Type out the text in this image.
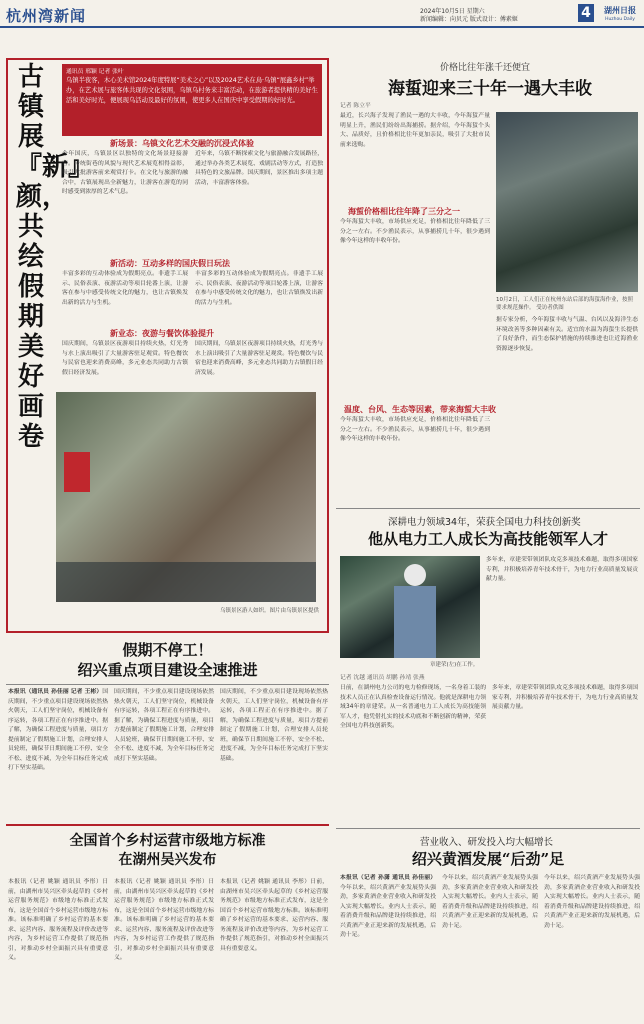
杭州湾新闻	2024年10月5日 星期六
新闻编辑：向贝元 版式设计：傅素姬	4	湖州日报
Huzhou Daily
古镇展『新』颜，共绘假期美好画卷
通讯员 邢颖 记者 张叶
乌镇半夜客，木心美术馆2024年度特展“美术之心”以及2024艺术在烏·乌镇“展鑫乡村”举办，在艺术展与旅客体共现的文化氛围，乌镇乌村务来丰富活动，在旅游者提供精的美好生活和美好时光，便展现乌活动及最好的氛围，使更多人在国庆中享受假期的好时光。
新场景：乌镇文化艺术交融的沉浸式体验
今年国庆，乌镇景区以独特的文化场景迎接游客。传统街巷的风貌与现代艺术展览相得益彰，吸引大批游客前来观赏打卡。在文化与旅游的融合中，古镇展现出全新魅力，让游客在游览的同时感受到浓厚的艺术气息。
近年来，乌镇不断探索文化与旅游融合发展路径，通过举办各类艺术展览、戏剧活动等方式，打造独具特色的文旅品牌。国庆期间，景区推出多项主题活动，丰富游客体验。
新活动：互动多样的国庆假日玩法
丰富多彩的互动体验成为假期亮点。非遗手工展示、民俗表演、夜游活动等项目轮番上演，让游客在参与中感受传统文化的魅力，也让古镇焕发出新的活力与生机。
丰富多彩的互动体验成为假期亮点。非遗手工展示、民俗表演、夜游活动等项目轮番上演，让游客在参与中感受传统文化的魅力，也让古镇焕发出新的活力与生机。
新业态：夜游与餐饮体验提升
国庆期间，乌镇景区夜游项目持续火热，灯光秀与水上演出吸引了大量游客驻足观赏。特色餐饮与民宿也迎来消费高峰，多元业态共同助力古镇假日经济发展。
国庆期间，乌镇景区夜游项目持续火热，灯光秀与水上演出吸引了大量游客驻足观赏。特色餐饮与民宿也迎来消费高峰，多元业态共同助力古镇假日经济发展。
乌镇景区游人如织。图片由乌镇景区提供
假期不停工！
绍兴重点项目建设全速推进
本报讯（通讯员 孙佳丽 记者 王彬）国庆期间，不少重点项目建设现场依然热火朝天，工人们坚守岗位，机械设备有序运转，各项工程正在有序推进中。据了解，为确保工程进度与质量，项目方提前制定了假期施工计划，合理安排人员轮班，确保节日期间施工不停、安全不松、进度不减，为全年目标任务完成打下坚实基础。
国庆期间，不少重点项目建设现场依然热火朝天，工人们坚守岗位，机械设备有序运转，各项工程正在有序推进中。据了解，为确保工程进度与质量，项目方提前制定了假期施工计划，合理安排人员轮班，确保节日期间施工不停、安全不松、进度不减，为全年目标任务完成打下坚实基础。
国庆期间，不少重点项目建设现场依然热火朝天，工人们坚守岗位，机械设备有序运转，各项工程正在有序推进中。据了解，为确保工程进度与质量，项目方提前制定了假期施工计划，合理安排人员轮班，确保节日期间施工不停、安全不松、进度不减，为全年目标任务完成打下坚实基础。
全国首个乡村运营市级地方标准
在湖州吴兴发布
本报讯（记者 姚颖 通讯员 李彤）日前，由湖州市吴兴区牵头起草的《乡村运营服务规范》市级地方标准正式发布，这是全国首个乡村运营市级地方标准。该标准明确了乡村运营的基本要求、运营内容、服务流程及评价改进等内容，为乡村运营工作提供了规范指引，对推动乡村全面振兴具有重要意义。
本报讯（记者 姚颖 通讯员 李彤）日前，由湖州市吴兴区牵头起草的《乡村运营服务规范》市级地方标准正式发布，这是全国首个乡村运营市级地方标准。该标准明确了乡村运营的基本要求、运营内容、服务流程及评价改进等内容，为乡村运营工作提供了规范指引，对推动乡村全面振兴具有重要意义。
本报讯（记者 姚颖 通讯员 李彤）日前，由湖州市吴兴区牵头起草的《乡村运营服务规范》市级地方标准正式发布，这是全国首个乡村运营市级地方标准。该标准明确了乡村运营的基本要求、运营内容、服务流程及评价改进等内容，为乡村运营工作提供了规范指引，对推动乡村全面振兴具有重要意义。
价格比往年涨千还便宜
海蜇迎来三十年一遇大丰收
记者 陈立平
最近，长兴海子发现了渔民一遇的大丰收，今年海蜇产量明显上升，渔民们纷纷出海捕捞。据介绍，今年海蜇个头大、品质好，且价格相比往年更加亲民，吸引了大批市民前来选购。
海蜇价格相比往年降了三分之一
今年海蜇大丰收，市场供应充足，价格相比往年降低了三分之一左右。不少渔民表示，从事捕捞几十年，很少遇到像今年这样的丰收年份。
10月2日，工人们正在杭州东站后部的海蜇海作业，按照要求规范操作。 受访者供图
据专家分析，今年海蜇丰收与气温、台风以及海洋生态环境改善等多种因素有关。适宜的水温为海蜇生长提供了良好条件，而生态保护措施的持续推进也让近海渔业资源逐步恢复。
温度、台风、生态等因素，带来海蜇大丰收
今年海蜇大丰收，市场供应充足，价格相比往年降低了三分之一左右。不少渔民表示，从事捕捞几十年，很少遇到像今年这样的丰收年份。
深耕电力领域34年，荣获全国电力科技创新奖
他从电力工人成长为高技能领军人才
章建荣(左)在工作。
多年来，章建荣带领团队攻克多项技术难题，取得多项国家专利，并积极培养青年技术骨干，为电力行业高质量发展贡献力量。
记者 沈越 通讯员 胡鹏 孙靖 张燕
日前，在湖州电力公司的电力检修现场，一名身着工装的技术人员正在认真检查设备运行情况。他就是深耕电力领域34年的章建荣。从一名普通电力工人成长为高技能领军人才，他凭借扎实的技术功底和不断创新的精神，荣获全国电力科技创新奖。
多年来，章建荣带领团队攻克多项技术难题，取得多项国家专利，并积极培养青年技术骨干，为电力行业高质量发展贡献力量。
营业收入、研发投入均大幅增长
绍兴黄酒发展“后劲”足
本报讯（记者 孙潇 通讯员 孙佳丽）今年以来，绍兴黄酒产业发展势头强劲，多家黄酒企业营业收入和研发投入实现大幅增长。业内人士表示，随着消费升级和品牌建设持续推进，绍兴黄酒产业正迎来新的发展机遇，后劲十足。
今年以来，绍兴黄酒产业发展势头强劲，多家黄酒企业营业收入和研发投入实现大幅增长。业内人士表示，随着消费升级和品牌建设持续推进，绍兴黄酒产业正迎来新的发展机遇，后劲十足。
今年以来，绍兴黄酒产业发展势头强劲，多家黄酒企业营业收入和研发投入实现大幅增长。业内人士表示，随着消费升级和品牌建设持续推进，绍兴黄酒产业正迎来新的发展机遇，后劲十足。
